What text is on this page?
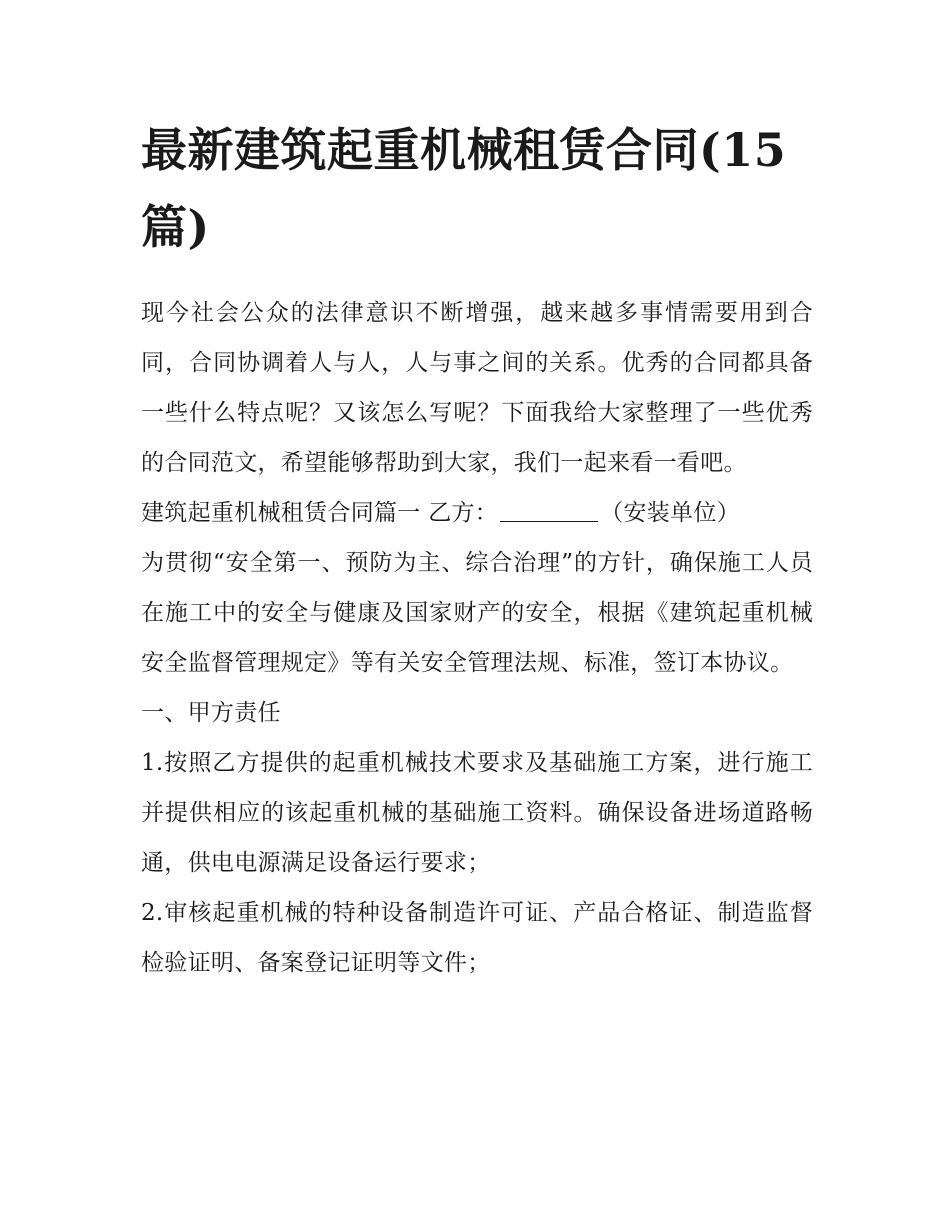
最新建筑起重机械租赁合同(15篇)

现今社会公众的法律意识不断增强，越来越多事情需要用到合同，合同协调着人与人，人与事之间的关系。优秀的合同都具备一些什么特点呢？又该怎么写呢？下面我给大家整理了一些优秀的合同范文，希望能够帮助到大家，我们一起来看一看吧。

建筑起重机械租赁合同篇一 乙方：	（安装单位）

为贯彻“安全第一、预防为主、综合治理”的方针，确保施工人员在施工中的安全与健康及国家财产的安全，根据《建筑起重机械安全监督管理规定》等有关安全管理法规、标准，签订本协议。

一、甲方责任

1.按照乙方提供的起重机械技术要求及基础施工方案，进行施工并提供相应的该起重机械的基础施工资料。确保设备进场道路畅通，供电电源满足设备运行要求；

2.审核起重机械的特种设备制造许可证、产品合格证、制造监督检验证明、备案登记证明等文件；
